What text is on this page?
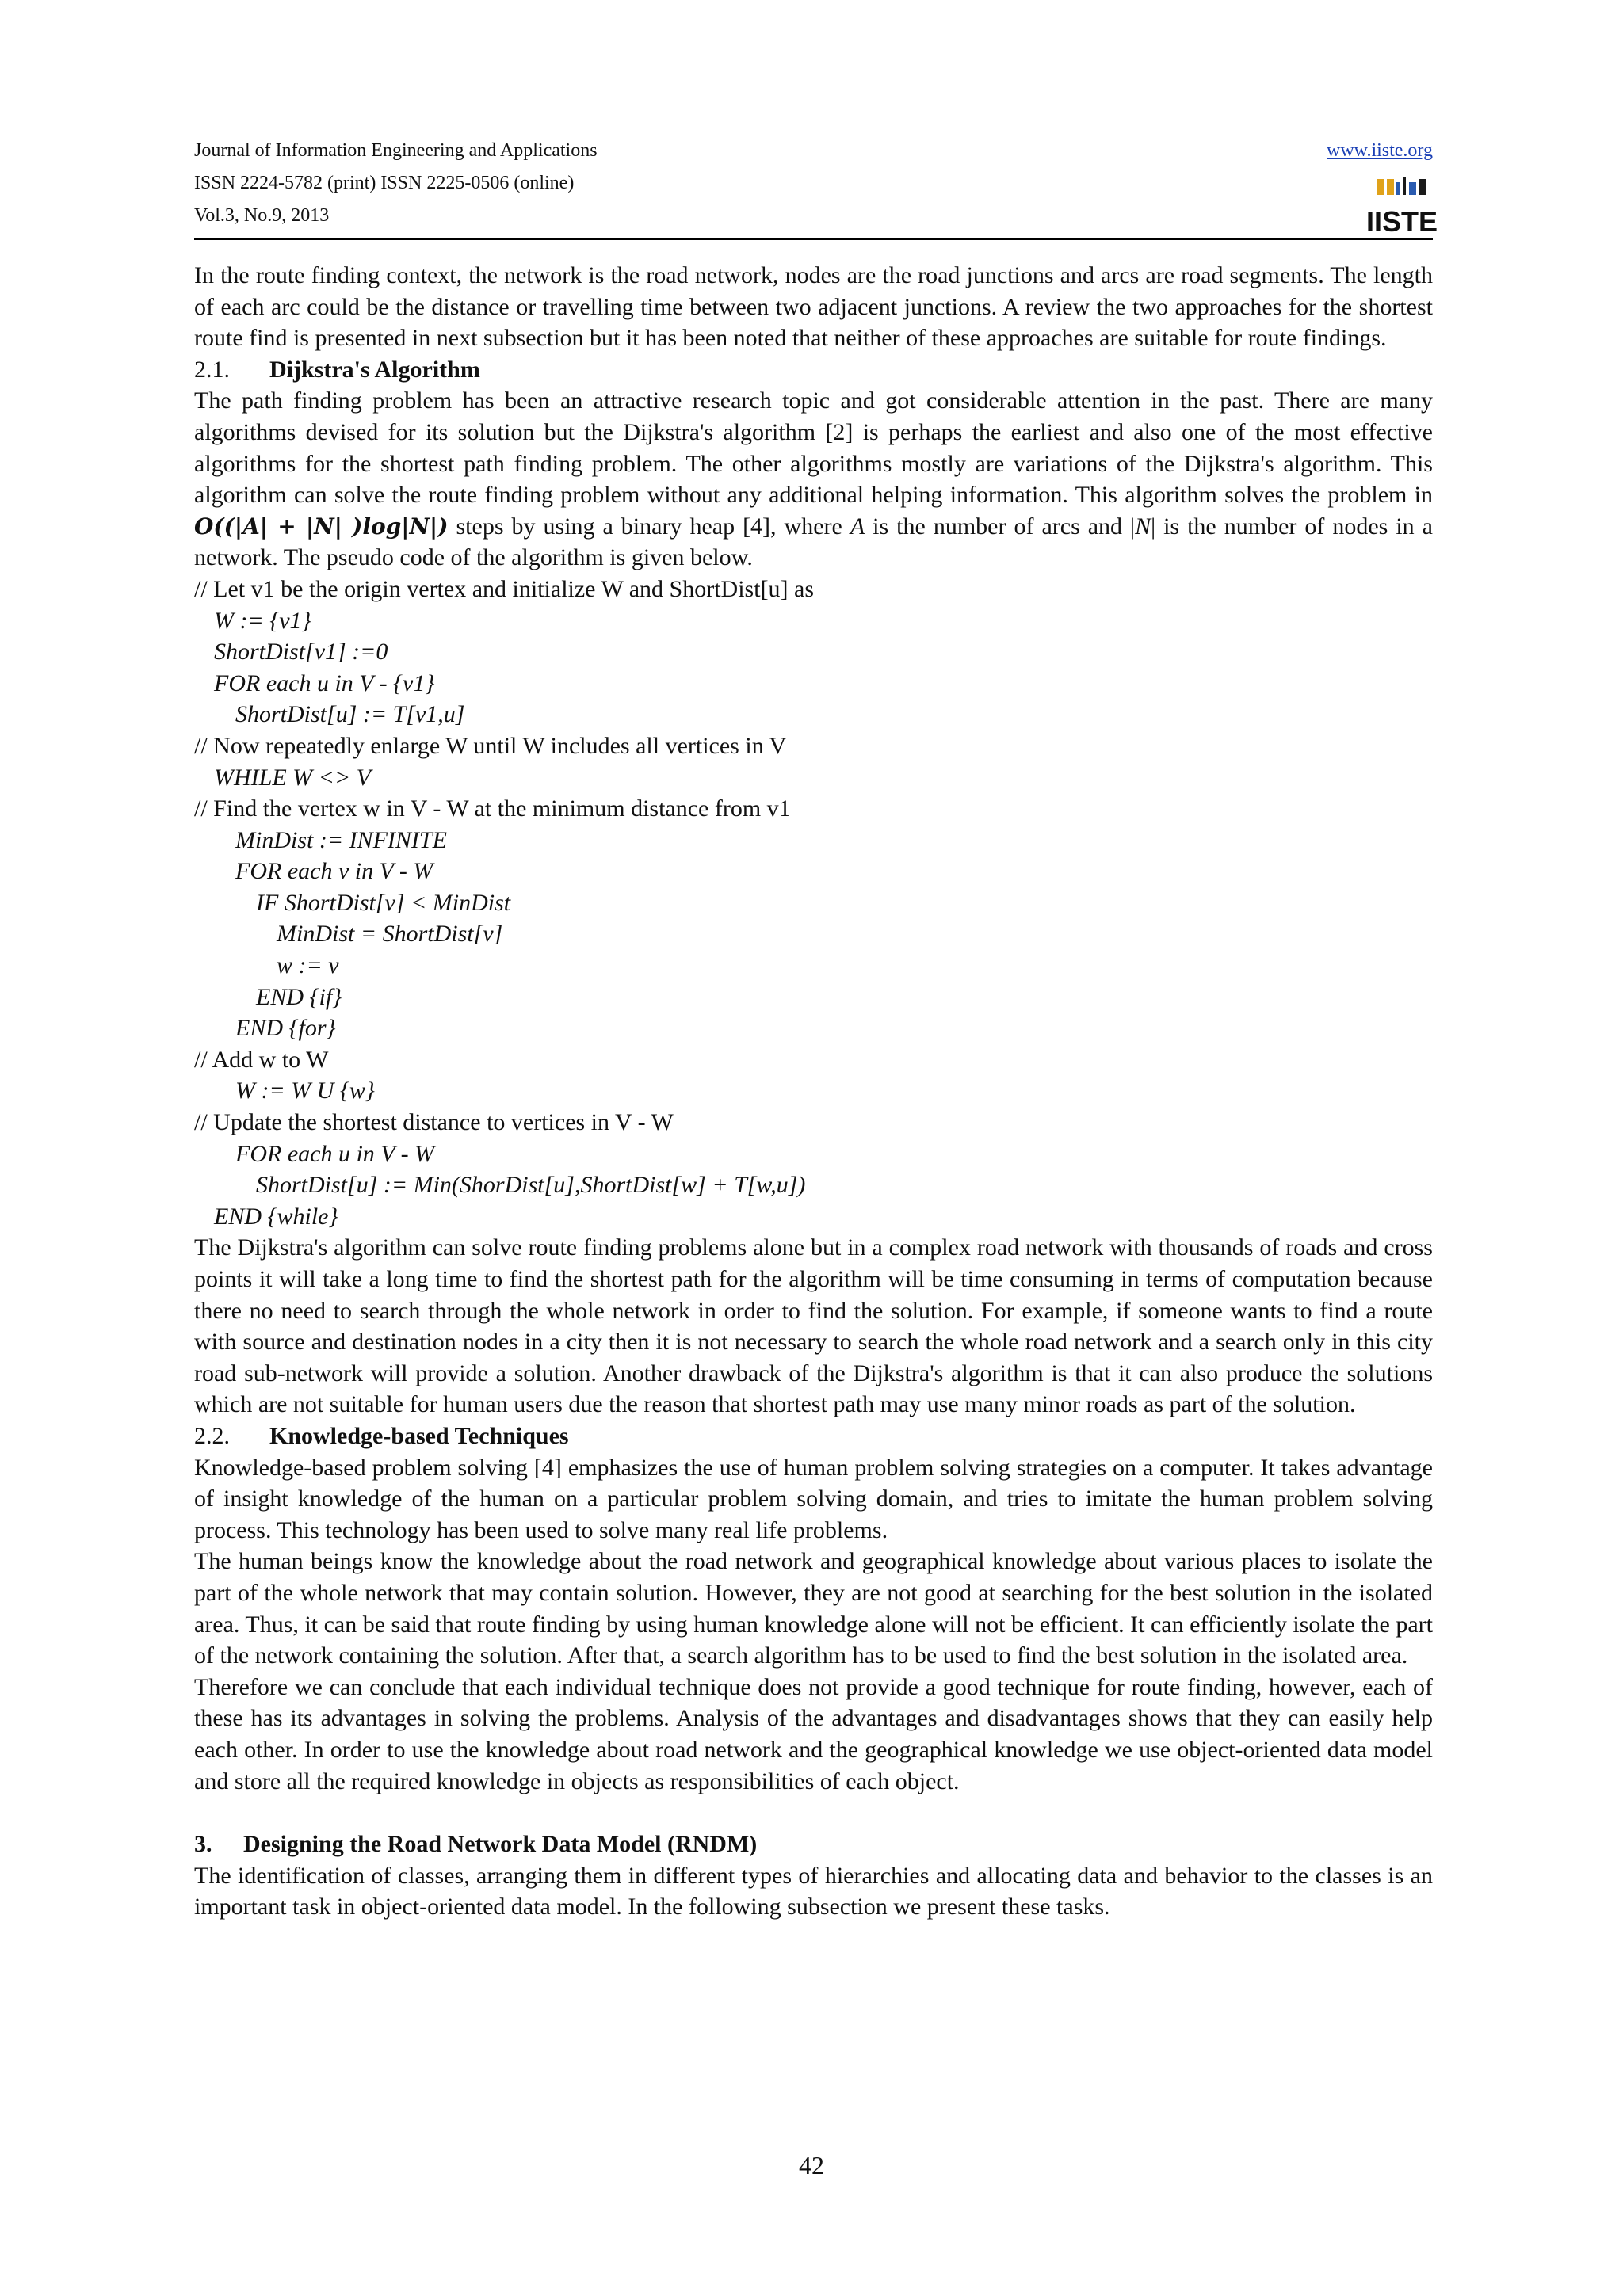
Journal of Information Engineering and Applications
ISSN 2224-5782 (print) ISSN 2225-0506 (online)
Vol.3, No.9, 2013
www.iiste.org
IISTE

In the route finding context, the network is the road network, nodes are the road junctions and arcs are road segments. The length of each arc could be the distance or travelling time between two adjacent junctions. A review the two approaches for the shortest route find is presented in next subsection but it has been noted that neither of these approaches are suitable for route findings.

2.1. Dijkstra's Algorithm

The path finding problem has been an attractive research topic and got considerable attention in the past. There are many algorithms devised for its solution but the Dijkstra's algorithm [2] is perhaps the earliest and also one of the most effective algorithms for the shortest path finding problem. The other algorithms mostly are variations of the Dijkstra's algorithm. This algorithm can solve the route finding problem without any additional helping information. This algorithm solves the problem in O((|A| + |N| )log|N|) steps by using a binary heap [4], where A is the number of arcs and |N| is the number of nodes in a network. The pseudo code of the algorithm is given below.

// Let v1 be the origin vertex and initialize W and ShortDist[u] as
W := {v1}
ShortDist[v1] :=0
FOR each u in V - {v1}
ShortDist[u] := T[v1,u]
// Now repeatedly enlarge W until W includes all vertices in V
WHILE W <> V
// Find the vertex w in V - W at the minimum distance from v1
MinDist := INFINITE
FOR each v in V - W
IF ShortDist[v] < MinDist
MinDist = ShortDist[v]
w := v
END {if}
END {for}
// Add w to W
W := W U {w}
// Update the shortest distance to vertices in V - W
FOR each u in V - W
ShortDist[u] := Min(ShorDist[u],ShortDist[w] + T[w,u])
END {while}

The Dijkstra's algorithm can solve route finding problems alone but in a complex road network with thousands of roads and cross points it will take a long time to find the shortest path for the algorithm will be time consuming in terms of computation because there no need to search through the whole network in order to find the solution. For example, if someone wants to find a route with source and destination nodes in a city then it is not necessary to search the whole road network and a search only in this city road sub-network will provide a solution. Another drawback of the Dijkstra's algorithm is that it can also produce the solutions which are not suitable for human users due the reason that shortest path may use many minor roads as part of the solution.

2.2. Knowledge-based Techniques

Knowledge-based problem solving [4] emphasizes the use of human problem solving strategies on a computer. It takes advantage of insight knowledge of the human on a particular problem solving domain, and tries to imitate the human problem solving process. This technology has been used to solve many real life problems.

The human beings know the knowledge about the road network and geographical knowledge about various places to isolate the part of the whole network that may contain solution. However, they are not good at searching for the best solution in the isolated area. Thus, it can be said that route finding by using human knowledge alone will not be efficient. It can efficiently isolate the part of the network containing the solution. After that, a search algorithm has to be used to find the best solution in the isolated area.

Therefore we can conclude that each individual technique does not provide a good technique for route finding, however, each of these has its advantages in solving the problems. Analysis of the advantages and disadvantages shows that they can easily help each other. In order to use the knowledge about road network and the geographical knowledge we use object-oriented data model and store all the required knowledge in objects as responsibilities of each object.

3. Designing the Road Network Data Model (RNDM)

The identification of classes, arranging them in different types of hierarchies and allocating data and behavior to the classes is an important task in object-oriented data model. In the following subsection we present these tasks.

42
